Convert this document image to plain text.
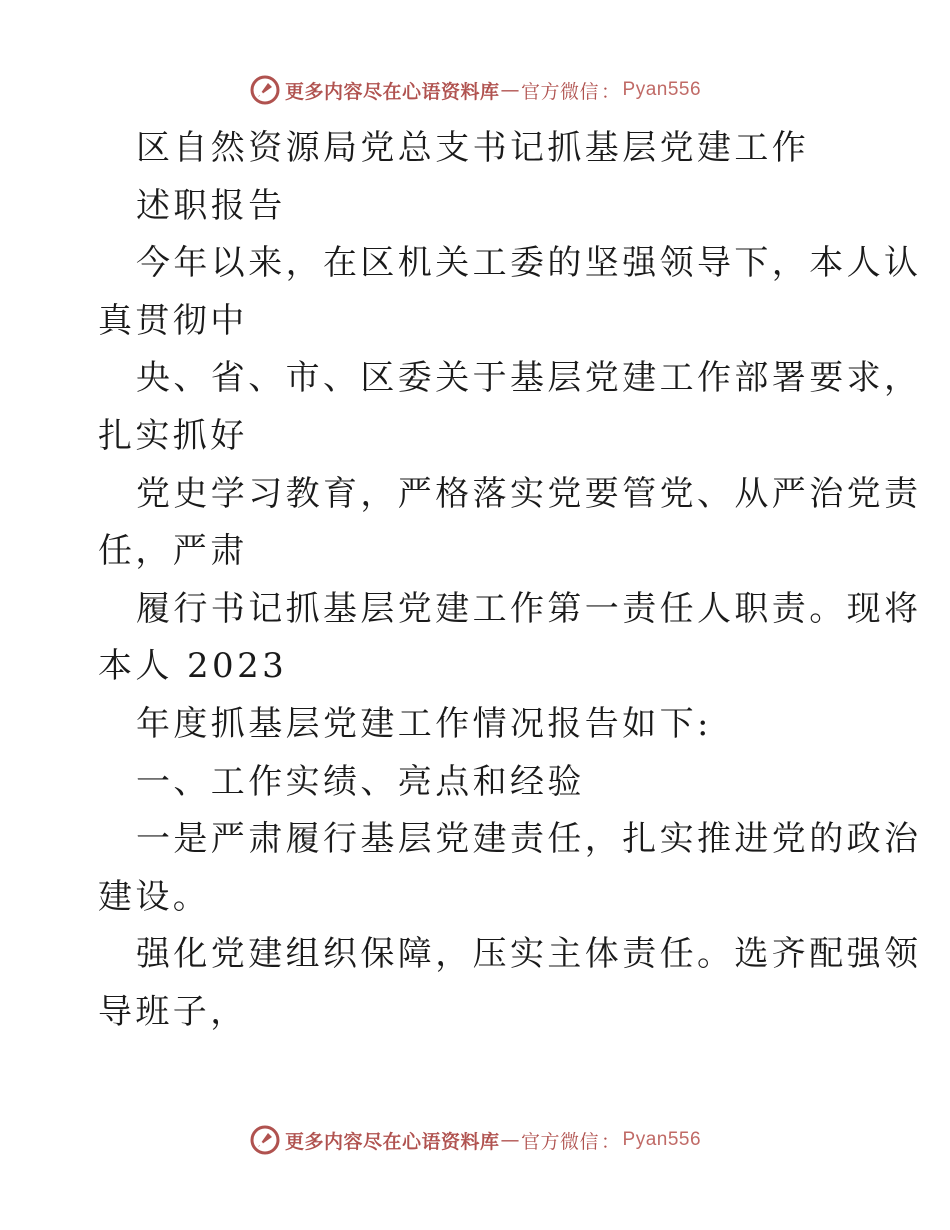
更多内容尽在心语资料库 — 官方微信 ： Pyan556
区自然资源局党总支书记抓基层党建工作
述职报告
今年以来，在区机关工委的坚强领导下，本人认
真贯彻中
央、省、市、区委关于基层党建工作部署要求，
扎实抓好
党史学习教育，严格落实党要管党、从严治党责
任，严肃
履行书记抓基层党建工作第一责任人职责。现将
本人 2023
年度抓基层党建工作情况报告如下:
一、工作实绩、亮点和经验
一是严肃履行基层党建责任，扎实推进党的政治
建设。
强化党建组织保障，压实主体责任。选齐配强领
导班子，
更多内容尽在心语资料库 — 官方微信 ： Pyan556
